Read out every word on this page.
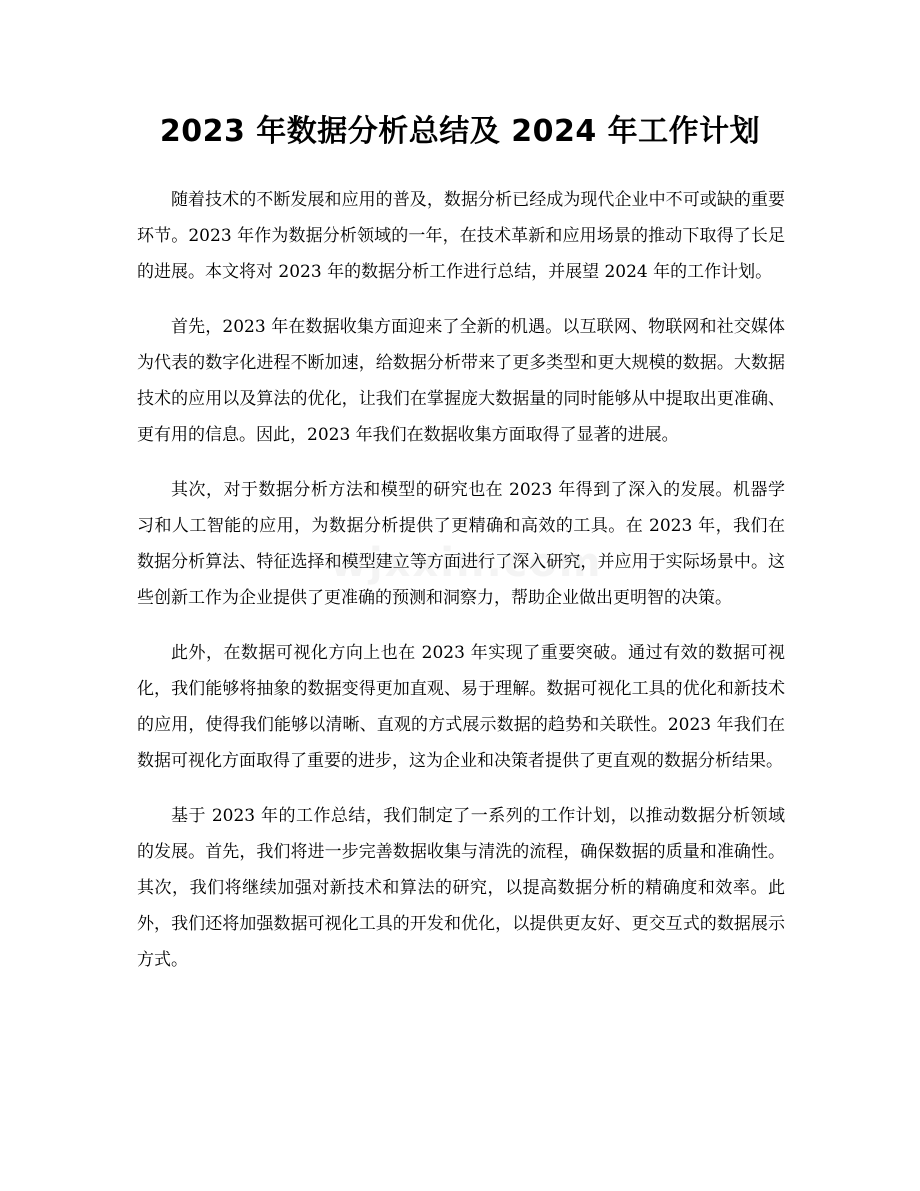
2023 年数据分析总结及 2024 年工作计划

随着技术的不断发展和应用的普及，数据分析已经成为现代企业中不可或缺的重要环节。2023 年作为数据分析领域的一年，在技术革新和应用场景的推动下取得了长足的进展。本文将对 2023 年的数据分析工作进行总结，并展望 2024 年的工作计划。

首先，2023 年在数据收集方面迎来了全新的机遇。以互联网、物联网和社交媒体为代表的数字化进程不断加速，给数据分析带来了更多类型和更大规模的数据。大数据技术的应用以及算法的优化，让我们在掌握庞大数据量的同时能够从中提取出更准确、更有用的信息。因此，2023 年我们在数据收集方面取得了显著的进展。

其次，对于数据分析方法和模型的研究也在 2023 年得到了深入的发展。机器学习和人工智能的应用，为数据分析提供了更精确和高效的工具。在 2023 年，我们在数据分析算法、特征选择和模型建立等方面进行了深入研究，并应用于实际场景中。这些创新工作为企业提供了更准确的预测和洞察力，帮助企业做出更明智的决策。

此外，在数据可视化方向上也在 2023 年实现了重要突破。通过有效的数据可视化，我们能够将抽象的数据变得更加直观、易于理解。数据可视化工具的优化和新技术的应用，使得我们能够以清晰、直观的方式展示数据的趋势和关联性。2023 年我们在数据可视化方面取得了重要的进步，这为企业和决策者提供了更直观的数据分析结果。

基于 2023 年的工作总结，我们制定了一系列的工作计划，以推动数据分析领域的发展。首先，我们将进一步完善数据收集与清洗的流程，确保数据的质量和准确性。其次，我们将继续加强对新技术和算法的研究，以提高数据分析的精确度和效率。此外，我们还将加强数据可视化工具的开发和优化，以提供更友好、更交互式的数据展示方式。
